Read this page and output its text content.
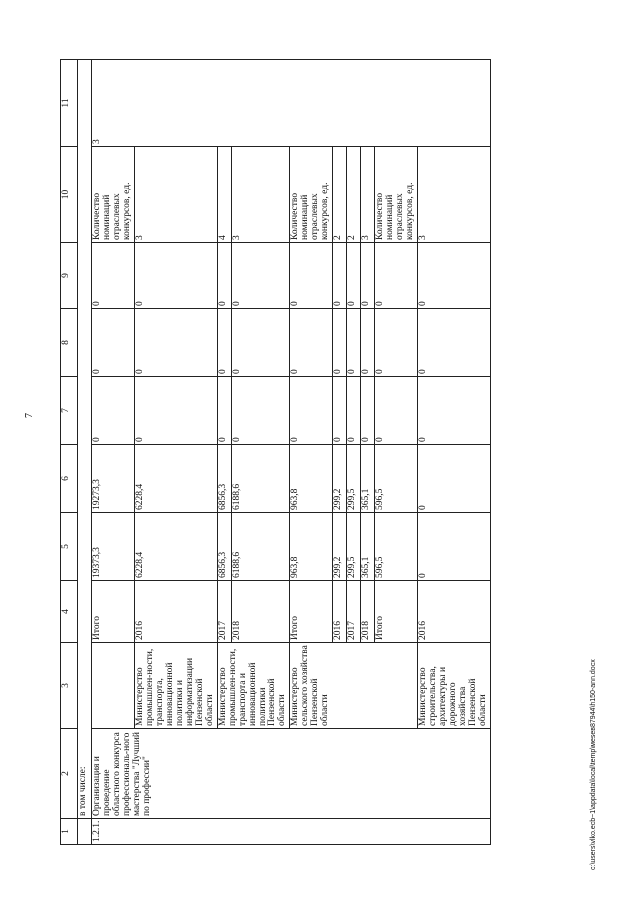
7
c:\users\vlko.ecb~1\appdata\local\temp\мeseв87944\h150-ann.docx
1	2	3	4	5	6	7	8	9	10	11
	в том числе:									
1.2.1.	Организация и проведение областного конкурса профессиональ-ного мастерства "Лучший по профессии"		Итого	19373,3	19273,3	0	0	0	Количество номинаций отраслевых конкурсов, ед.	3
		Министерство промышлен-ности, транспорта, инновационной политики и информатизации Пензенской области	2016	6228,4	6228,4	0	0	0	3	
		Министерство промышлен-ности, транспорта и инновационной политики Пензенской области	2017	6856,3	6856,3	0	0	0	4	
			2018	6188,6	6188,6	0	0	0	3	
		Министерство сельского хозяйства Пензенской области	Итого	963,8	963,8	0	0	0	Количество номинаций отраслевых конкурсов, ед.	
			2016	299,2	299,2	0	0	0	2	
			2017	299,5	299,5	0	0	0	2	
			2018	365,1	365,1	0	0	0	3	
			Итого	596,5	596,5	0	0	0	Количество номинаций отраслевых конкурсов, ед.	
		Министерство строительства, архитектуры и дорожного хозяйства Пензенской области	2016	0	0	0	0	0	3	
